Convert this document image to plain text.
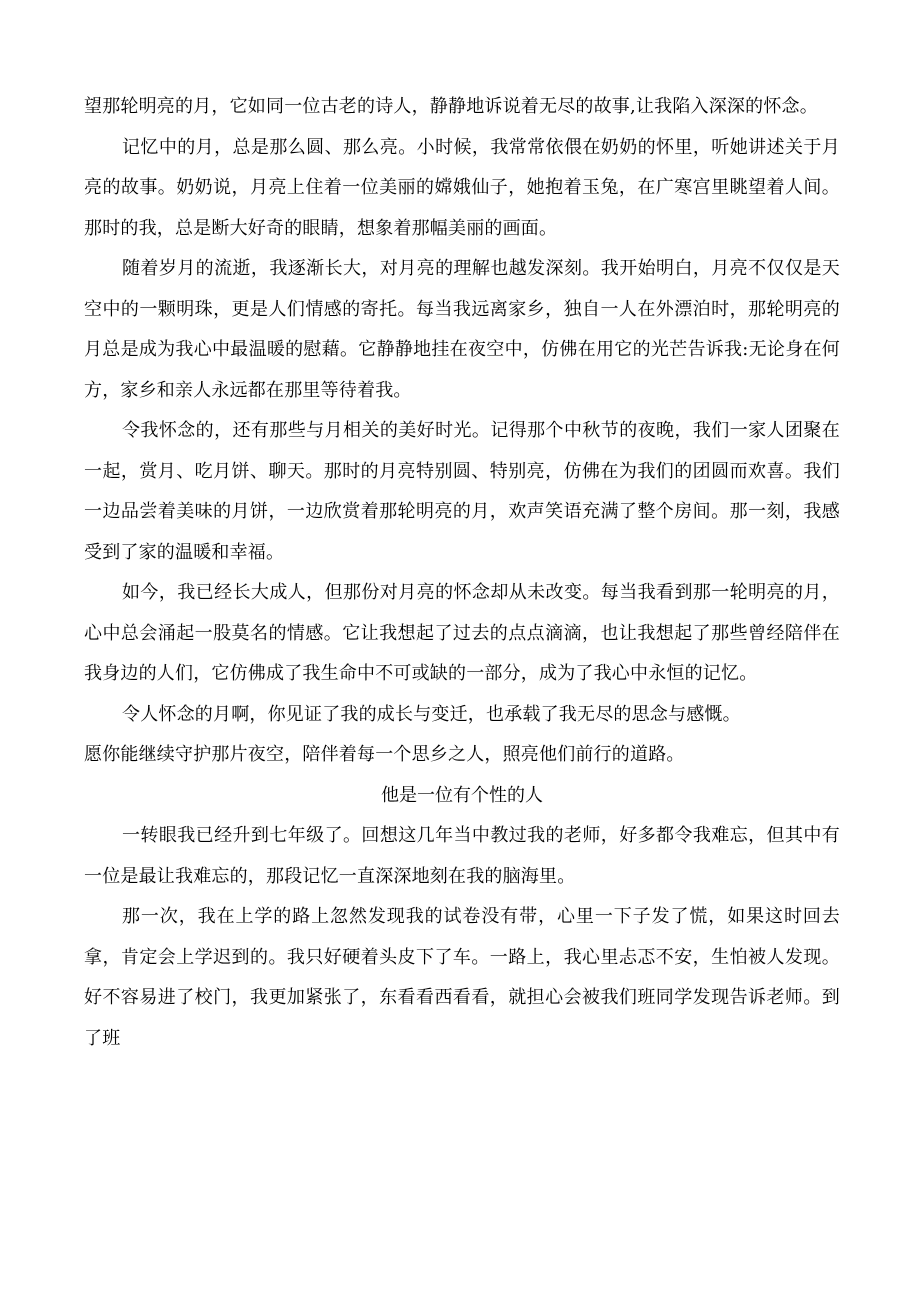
望那轮明亮的月，它如同一位古老的诗人，静静地诉说着无尽的故事,让我陷入深深的怀念。

记忆中的月，总是那么圆、那么亮。小时候，我常常依偎在奶奶的怀里，听她讲述关于月亮的故事。奶奶说，月亮上住着一位美丽的嫦娥仙子，她抱着玉兔，在广寒宫里眺望着人间。那时的我，总是断大好奇的眼睛，想象着那幅美丽的画面。

随着岁月的流逝，我逐渐长大，对月亮的理解也越发深刻。我开始明白，月亮不仅仅是天空中的一颗明珠，更是人们情感的寄托。每当我远离家乡，独自一人在外漂泊时，那轮明亮的月总是成为我心中最温暖的慰藉。它静静地挂在夜空中，仿佛在用它的光芒告诉我:无论身在何方，家乡和亲人永远都在那里等待着我。

令我怀念的，还有那些与月相关的美好时光。记得那个中秋节的夜晚，我们一家人团聚在一起，赏月、吃月饼、聊天。那时的月亮特别圆、特别亮，仿佛在为我们的团圆而欢喜。我们一边品尝着美味的月饼，一边欣赏着那轮明亮的月，欢声笑语充满了整个房间。那一刻，我感受到了家的温暖和幸福。

如今，我已经长大成人，但那份对月亮的怀念却从未改变。每当我看到那一轮明亮的月，心中总会涌起一股莫名的情感。它让我想起了过去的点点滴滴，也让我想起了那些曾经陪伴在我身边的人们，它仿佛成了我生命中不可或缺的一部分，成为了我心中永恒的记忆。

令人怀念的月啊，你见证了我的成长与变迁，也承载了我无尽的思念与感慨。

愿你能继续守护那片夜空，陪伴着每一个思乡之人，照亮他们前行的道路。

他是一位有个性的人

一转眼我已经升到七年级了。回想这几年当中教过我的老师，好多都令我难忘，但其中有一位是最让我难忘的，那段记忆一直深深地刻在我的脑海里。

那一次，我在上学的路上忽然发现我的试卷没有带，心里一下子发了慌，如果这时回去拿，肯定会上学迟到的。我只好硬着头皮下了车。一路上，我心里忐忑不安，生怕被人发现。好不容易进了校门，我更加紧张了，东看看西看看，就担心会被我们班同学发现告诉老师。到了班
